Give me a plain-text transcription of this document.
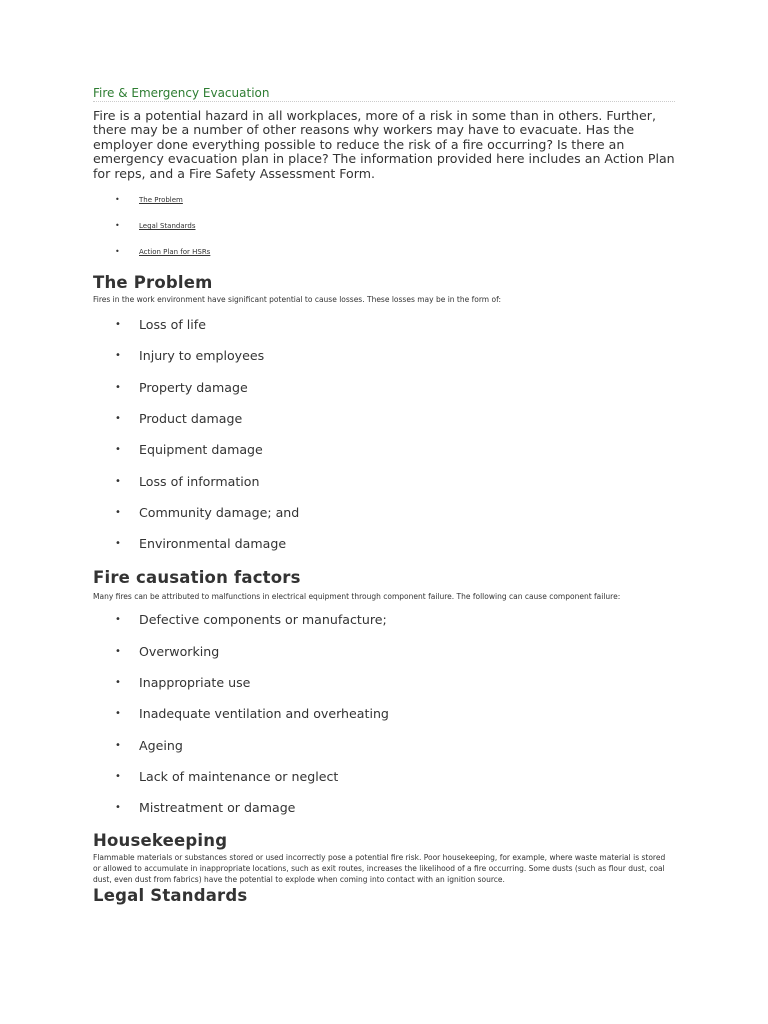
Fire & Emergency Evacuation

Fire is a potential hazard in all workplaces, more of a risk in some than in others. Further, there may be a number of other reasons why workers may have to evacuate. Has the employer done everything possible to reduce the risk of a fire occurring? Is there an emergency evacuation plan in place? The information provided here includes an Action Plan for reps, and a Fire Safety Assessment Form.

•	The Problem
•	Legal Standards
•	Action Plan for HSRs
The Problem

Fires in the work environment have significant potential to cause losses. These losses may be in the form of:

• Loss of life
• Injury to employees
• Property damage
• Product damage
• Equipment damage
• Loss of information
• Community damage; and
• Environmental damage
Fire causation factors

Many fires can be attributed to malfunctions in electrical equipment through component failure. The following can cause component failure:

• Defective components or manufacture;
• Overworking
• Inappropriate use
• Inadequate ventilation and overheating
• Ageing
• Lack of maintenance or neglect
• Mistreatment or damage
Housekeeping

Flammable materials or substances stored or used incorrectly pose a potential fire risk. Poor housekeeping, for example, where waste material is stored or allowed to accumulate in inappropriate locations, such as exit routes, increases the likelihood of a fire occurring. Some dusts (such as flour dust, coal dust, even dust from fabrics) have the potential to explode when coming into contact with an ignition source.

Legal Standards
